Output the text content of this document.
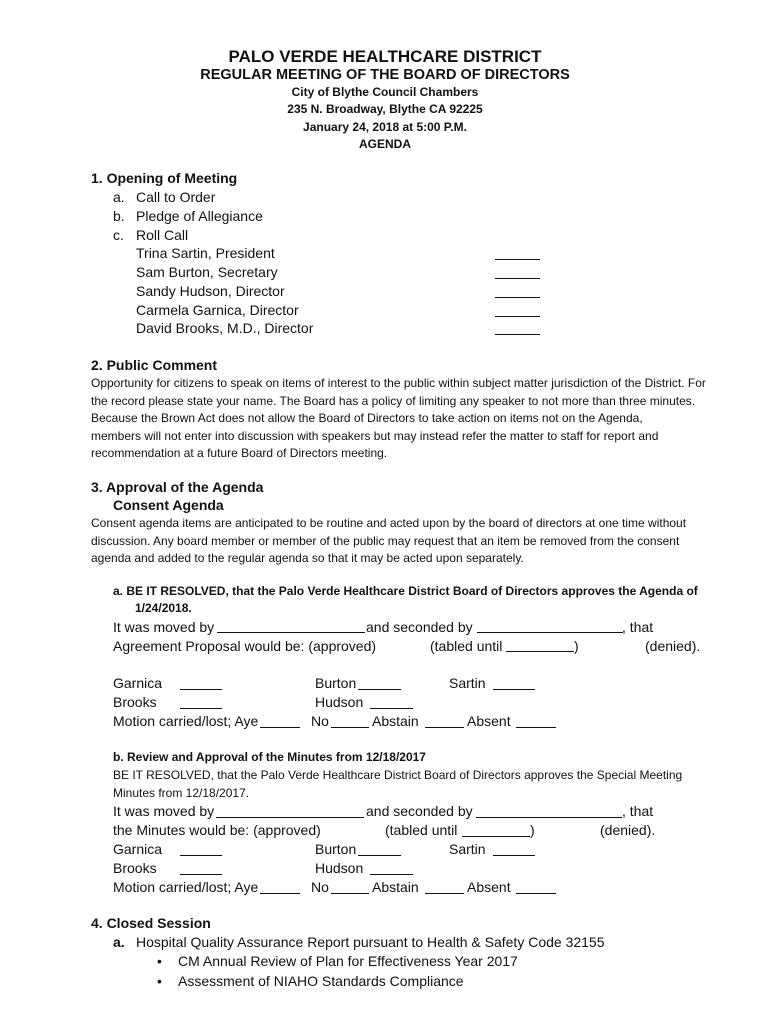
PALO VERDE HEALTHCARE DISTRICT
REGULAR MEETING OF THE BOARD OF DIRECTORS
City of Blythe Council Chambers
235 N. Broadway, Blythe CA 92225
January 24, 2018 at 5:00 P.M.
AGENDA
1. Opening of Meeting
a. Call to Order
b. Pledge of Allegiance
c. Roll Call
Trina Sartin, President
Sam Burton, Secretary
Sandy Hudson, Director
Carmela Garnica, Director
David Brooks, M.D., Director
2. Public Comment
Opportunity for citizens to speak on items of interest to the public within subject matter jurisdiction of the District. For
the record please state your name. The Board has a policy of limiting any speaker to not more than three minutes.
Because the Brown Act does not allow the Board of Directors to take action on items not on the Agenda,
members will not enter into discussion with speakers but may instead refer the matter to staff for report and
recommendation at a future Board of Directors meeting.
3. Approval of the Agenda
Consent Agenda
Consent agenda items are anticipated to be routine and acted upon by the board of directors at one time without
discussion. Any board member or member of the public may request that an item be removed from the consent
agenda and added to the regular agenda so that it may be acted upon separately.
a. BE IT RESOLVED, that the Palo Verde Healthcare District Board of Directors approves the Agenda of
1/24/2018.
It was moved by	and seconded by	, that
Agreement Proposal would be: (approved)	(tabled until	)	(denied).
Garnica	Burton	Sartin
Brooks	Hudson
Motion carried/lost; Aye	No	Abstain	Absent
b. Review and Approval of the Minutes from 12/18/2017
BE IT RESOLVED, that the Palo Verde Healthcare District Board of Directors approves the Special Meeting
Minutes from 12/18/2017.
It was moved by	and seconded by	, that
the Minutes would be: (approved)	(tabled until	)	(denied).
Garnica	Burton	Sartin
Brooks	Hudson
Motion carried/lost; Aye	No	Abstain	Absent
4. Closed Session
a. Hospital Quality Assurance Report pursuant to Health & Safety Code 32155
• CM Annual Review of Plan for Effectiveness Year 2017
• Assessment of NIAHO Standards Compliance
